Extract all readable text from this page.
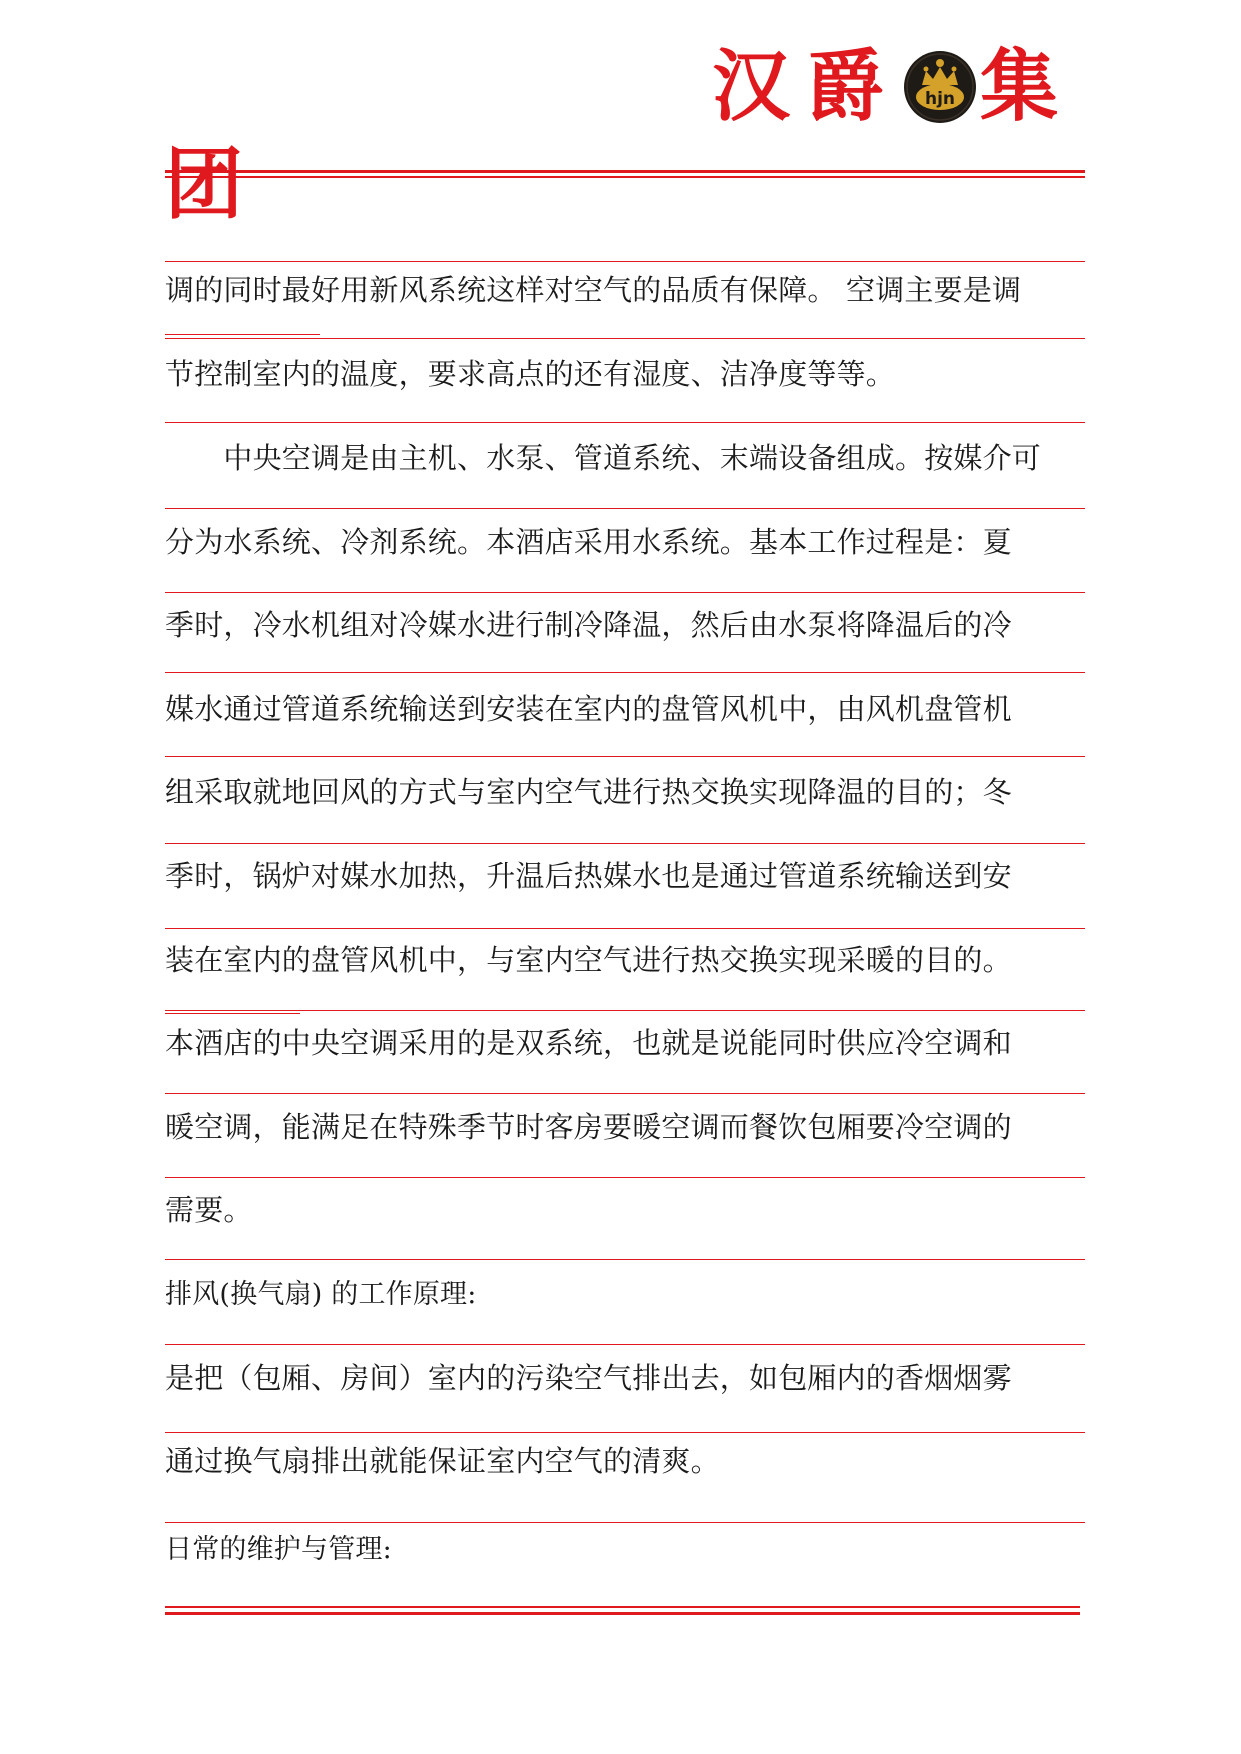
汉 爵 hjn 集
团
调的同时最好用新风系统这样对空气的品质有保障。 空调主要是调
节控制室内的温度，要求高点的还有湿度、洁净度等等。
　　中央空调是由主机、水泵、管道系统、末端设备组成。按媒介可
分为水系统、冷剂系统。本酒店采用水系统。基本工作过程是：夏
季时，冷水机组对冷媒水进行制冷降温，然后由水泵将降温后的冷
媒水通过管道系统输送到安装在室内的盘管风机中，由风机盘管机
组采取就地回风的方式与室内空气进行热交换实现降温的目的；冬
季时，锅炉对媒水加热，升温后热媒水也是通过管道系统输送到安
装在室内的盘管风机中，与室内空气进行热交换实现采暖的目的。
本酒店的中央空调采用的是双系统，也就是说能同时供应冷空调和
暖空调，能满足在特殊季节时客房要暖空调而餐饮包厢要冷空调的
需要。
排风(换气扇) 的工作原理:
是把（包厢、房间）室内的污染空气排出去，如包厢内的香烟烟雾
通过换气扇排出就能保证室内空气的清爽。
日常的维护与管理:
